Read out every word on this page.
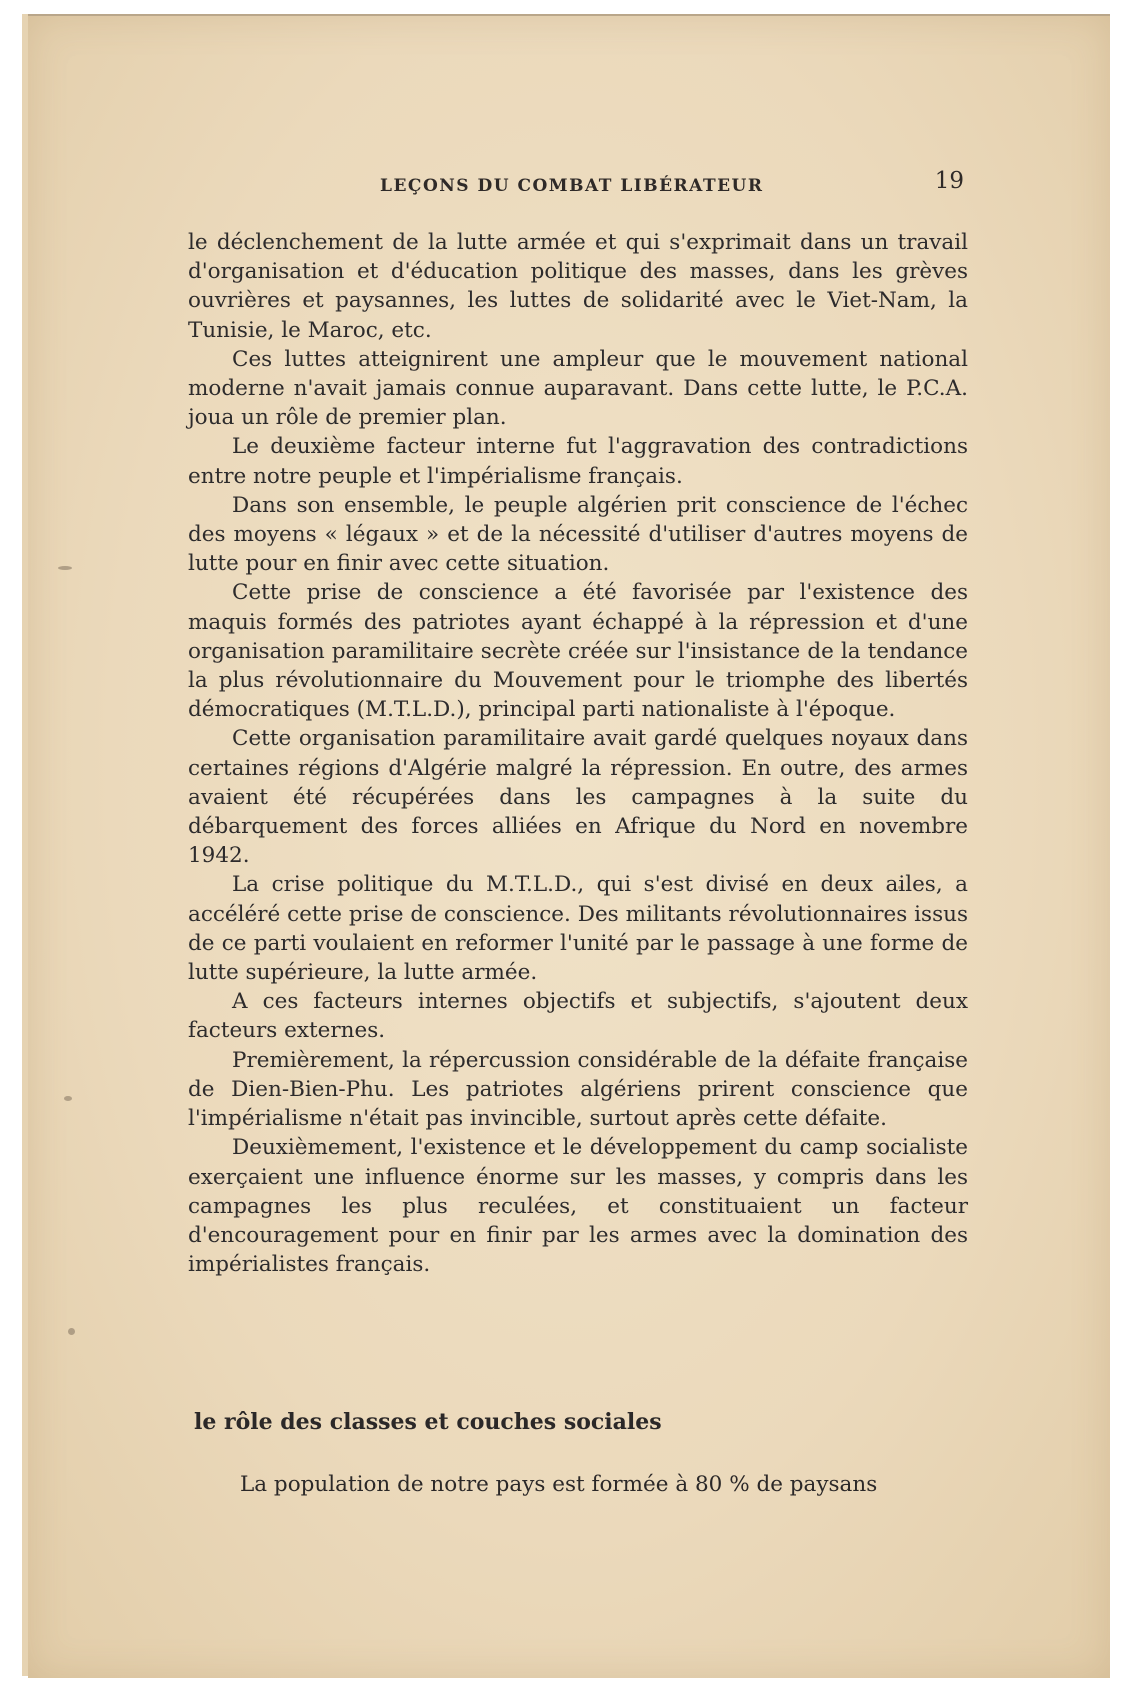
LEÇONS DU COMBAT LIBÉRATEUR	19

le déclenchement de la lutte armée et qui s'exprimait dans un travail d'organisation et d'éducation politique des masses, dans les grèves ouvrières et paysannes, les luttes de solidarité avec le Viet-Nam, la Tunisie, le Maroc, etc.

Ces luttes atteignirent une ampleur que le mouvement national moderne n'avait jamais connue auparavant. Dans cette lutte, le P.C.A. joua un rôle de premier plan.

Le deuxième facteur interne fut l'aggravation des contradictions entre notre peuple et l'impérialisme français.

Dans son ensemble, le peuple algérien prit conscience de l'échec des moyens « légaux » et de la nécessité d'utiliser d'autres moyens de lutte pour en finir avec cette situation.

Cette prise de conscience a été favorisée par l'existence des maquis formés des patriotes ayant échappé à la répression et d'une organisation paramilitaire secrète créée sur l'insistance de la tendance la plus révolutionnaire du Mouvement pour le triomphe des libertés démocratiques (M.T.L.D.), principal parti nationaliste à l'époque.

Cette organisation paramilitaire avait gardé quelques noyaux dans certaines régions d'Algérie malgré la répression. En outre, des armes avaient été récupérées dans les campagnes à la suite du débarquement des forces alliées en Afrique du Nord en novembre 1942.

La crise politique du M.T.L.D., qui s'est divisé en deux ailes, a accéléré cette prise de conscience. Des militants révolutionnaires issus de ce parti voulaient en reformer l'unité par le passage à une forme de lutte supérieure, la lutte armée.

A ces facteurs internes objectifs et subjectifs, s'ajoutent deux facteurs externes.

Premièrement, la répercussion considérable de la défaite française de Dien-Bien-Phu. Les patriotes algériens prirent conscience que l'impérialisme n'était pas invincible, surtout après cette défaite.

Deuxièmement, l'existence et le développement du camp socialiste exerçaient une influence énorme sur les masses, y compris dans les campagnes les plus reculées, et constituaient un facteur d'encouragement pour en finir par les armes avec la domination des impérialistes français.

le rôle des classes et couches sociales
La population de notre pays est formée à 80 % de paysans
